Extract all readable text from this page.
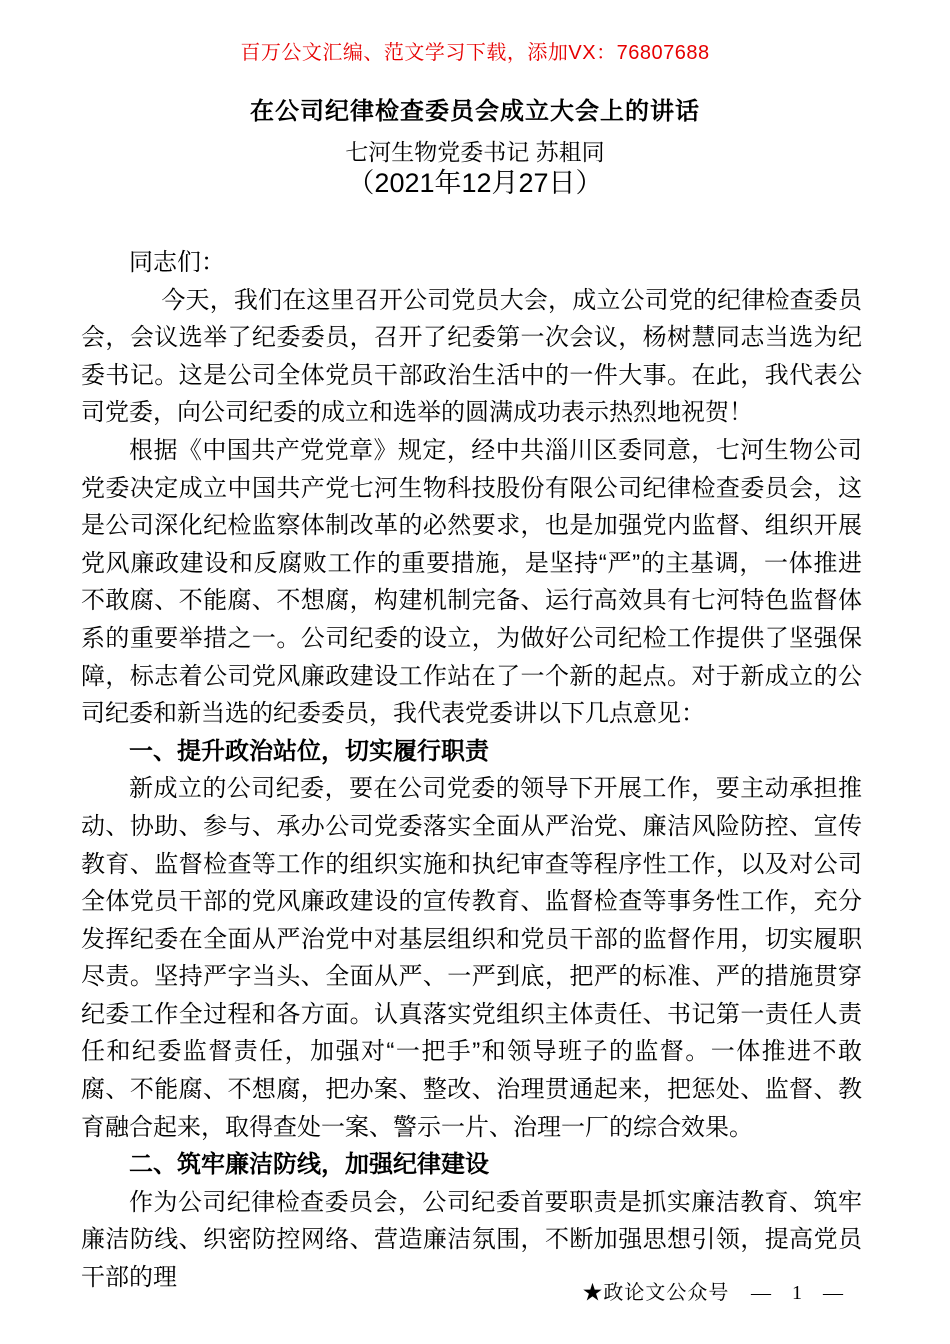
百万公文汇编、范文学习下载，添加VX：76807688
在公司纪律检查委员会成立大会上的讲话
七河生物党委书记 苏耝同
（2021年12月27日）

同志们：

今天，我们在这里召开公司党员大会，成立公司党的纪律检查委员会，会议选举了纪委委员，召开了纪委第一次会议，杨树慧同志当选为纪委书记。这是公司全体党员干部政治生活中的一件大事。在此，我代表公司党委，向公司纪委的成立和选举的圆满成功表示热烈地祝贺！

根据《中国共产党党章》规定，经中共淄川区委同意，七河生物公司党委决定成立中国共产党七河生物科技股份有限公司纪律检查委员会，这是公司深化纪检监察体制改革的必然要求，也是加强党内监督、组织开展党风廉政建设和反腐败工作的重要措施，是坚持“严”的主基调，一体推进不敢腐、不能腐、不想腐，构建机制完备、运行高效具有七河特色监督体系的重要举措之一。公司纪委的设立，为做好公司纪检工作提供了坚强保障，标志着公司党风廉政建设工作站在了一个新的起点。对于新成立的公司纪委和新当选的纪委委员，我代表党委讲以下几点意见：

一、提升政治站位，切实履行职责

新成立的公司纪委，要在公司党委的领导下开展工作，要主动承担推动、协助、参与、承办公司党委落实全面从严治党、廉洁风险防控、宣传教育、监督检查等工作的组织实施和执纪审查等程序性工作，以及对公司全体党员干部的党风廉政建设的宣传教育、监督检查等事务性工作，充分发挥纪委在全面从严治党中对基层组织和党员干部的监督作用，切实履职尽责。坚持严字当头、全面从严、一严到底，把严的标准、严的措施贯穿纪委工作全过程和各方面。认真落实党组织主体责任、书记第一责任人责任和纪委监督责任，加强对“一把手”和领导班子的监督。一体推进不敢腐、不能腐、不想腐，把办案、整改、治理贯通起来，把惩处、监督、教育融合起来，取得查处一案、警示一片、治理一厂的综合效果。

二、筑牢廉洁防线，加强纪律建设

作为公司纪律检查委员会，公司纪委首要职责是抓实廉洁教育、筑牢廉洁防线、织密防控网络、营造廉洁氛围，不断加强思想引领，提高党员干部的理

★政论文公众号 — 1 —
